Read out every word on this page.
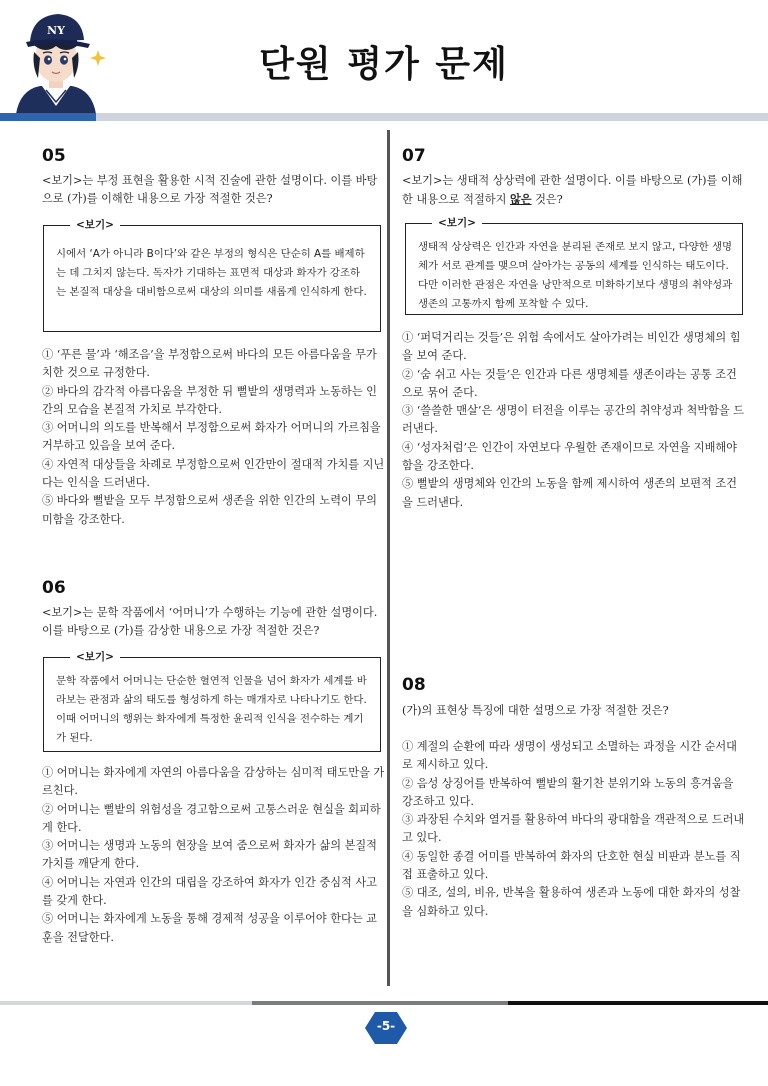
NY
단원 평가 문제
05
<보기>는 부정 표현을 활용한 시적 진술에 관한 설명이다. 이를 바탕으로 (가)를 이해한 내용으로 가장 적절한 것은?
<보기>
시에서 ‘A가 아니라 B이다’와 같은 부정의 형식은 단순히 A를 배제하는 데 그치지 않는다. 독자가 기대하는 표면적 대상과 화자가 강조하는 본질적 대상을 대비함으로써 대상의 의미를 새롭게 인식하게 한다.
① ‘푸른 물’과 ‘해조음’을 부정함으로써 바다의 모든 아름다움을 무가치한 것으로 규정한다.
② 바다의 감각적 아름다움을 부정한 뒤 뻘밭의 생명력과 노동하는 인간의 모습을 본질적 가치로 부각한다.
③ 어머니의 의도를 반복해서 부정함으로써 화자가 어머니의 가르침을 거부하고 있음을 보여 준다.
④ 자연적 대상들을 차례로 부정함으로써 인간만이 절대적 가치를 지닌다는 인식을 드러낸다.
⑤ 바다와 뻘밭을 모두 부정함으로써 생존을 위한 인간의 노력이 무의미함을 강조한다.
06
<보기>는 문학 작품에서 ‘어머니’가 수행하는 기능에 관한 설명이다. 이를 바탕으로 (가)를 감상한 내용으로 가장 적절한 것은?
<보기>
문학 작품에서 어머니는 단순한 혈연적 인물을 넘어 화자가 세계를 바라보는 관점과 삶의 태도를 형성하게 하는 매개자로 나타나기도 한다. 이때 어머니의 행위는 화자에게 특정한 윤리적 인식을 전수하는 계기가 된다.
① 어머니는 화자에게 자연의 아름다움을 감상하는 심미적 태도만을 가르친다.
② 어머니는 뻘밭의 위험성을 경고함으로써 고통스러운 현실을 회피하게 한다.
③ 어머니는 생명과 노동의 현장을 보여 줌으로써 화자가 삶의 본질적 가치를 깨닫게 한다.
④ 어머니는 자연과 인간의 대립을 강조하여 화자가 인간 중심적 사고를 갖게 한다.
⑤ 어머니는 화자에게 노동을 통해 경제적 성공을 이루어야 한다는 교훈을 전달한다.
07
<보기>는 생태적 상상력에 관한 설명이다. 이를 바탕으로 (가)를 이해한 내용으로 적절하지 않은 것은?
<보기>
생태적 상상력은 인간과 자연을 분리된 존재로 보지 않고, 다양한 생명체가 서로 관계를 맺으며 살아가는 공동의 세계를 인식하는 태도이다. 다만 이러한 관점은 자연을 낭만적으로 미화하기보다 생명의 취약성과 생존의 고통까지 함께 포착할 수 있다.
① ‘퍼덕거리는 것들’은 위험 속에서도 살아가려는 비인간 생명체의 힘을 보여 준다.
② ‘숨 쉬고 사는 것들’은 인간과 다른 생명체를 생존이라는 공통 조건으로 묶어 준다.
③ ‘쓸쓸한 맨살’은 생명이 터전을 이루는 공간의 취약성과 척박함을 드러낸다.
④ ‘성자처럼’은 인간이 자연보다 우월한 존재이므로 자연을 지배해야 함을 강조한다.
⑤ 뻘밭의 생명체와 인간의 노동을 함께 제시하여 생존의 보편적 조건을 드러낸다.
08
(가)의 표현상 특징에 대한 설명으로 가장 적절한 것은?
① 계절의 순환에 따라 생명이 생성되고 소멸하는 과정을 시간 순서대로 제시하고 있다.
② 음성 상징어를 반복하여 뻘밭의 활기찬 분위기와 노동의 흥겨움을 강조하고 있다.
③ 과장된 수치와 열거를 활용하여 바다의 광대함을 객관적으로 드러내고 있다.
④ 동일한 종결 어미를 반복하여 화자의 단호한 현실 비판과 분노를 직접 표출하고 있다.
⑤ 대조, 설의, 비유, 반복을 활용하여 생존과 노동에 대한 화자의 성찰을 심화하고 있다.
-5-
